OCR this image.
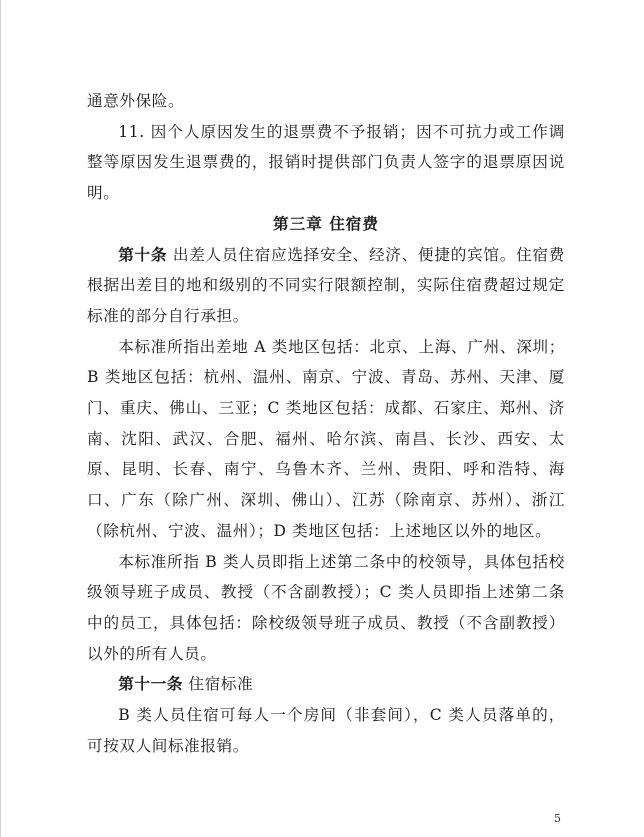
通意外保险。

11. 因个人原因发生的退票费不予报销；因不可抗力或工作调整等原因发生退票费的，报销时提供部门负责人签字的退票原因说明。

第三章 住宿费

第十条 出差人员住宿应选择安全、经济、便捷的宾馆。住宿费根据出差目的地和级别的不同实行限额控制，实际住宿费超过规定标准的部分自行承担。

本标准所指出差地 A 类地区包括：北京、上海、广州、深圳；B 类地区包括：杭州、温州、南京、宁波、青岛、苏州、天津、厦门、重庆、佛山、三亚；C 类地区包括：成都、石家庄、郑州、济南、沈阳、武汉、合肥、福州、哈尔滨、南昌、长沙、西安、太原、昆明、长春、南宁、乌鲁木齐、兰州、贵阳、呼和浩特、海口、广东（除广州、深圳、佛山）、江苏（除南京、苏州）、浙江（除杭州、宁波、温州）；D 类地区包括：上述地区以外的地区。

本标准所指 B 类人员即指上述第二条中的校领导，具体包括校级领导班子成员、教授（不含副教授）；C 类人员即指上述第二条中的员工，具体包括：除校级领导班子成员、教授（不含副教授）以外的所有人员。

第十一条 住宿标准

B 类人员住宿可每人一个房间（非套间），C 类人员落单的，可按双人间标准报销。

5
